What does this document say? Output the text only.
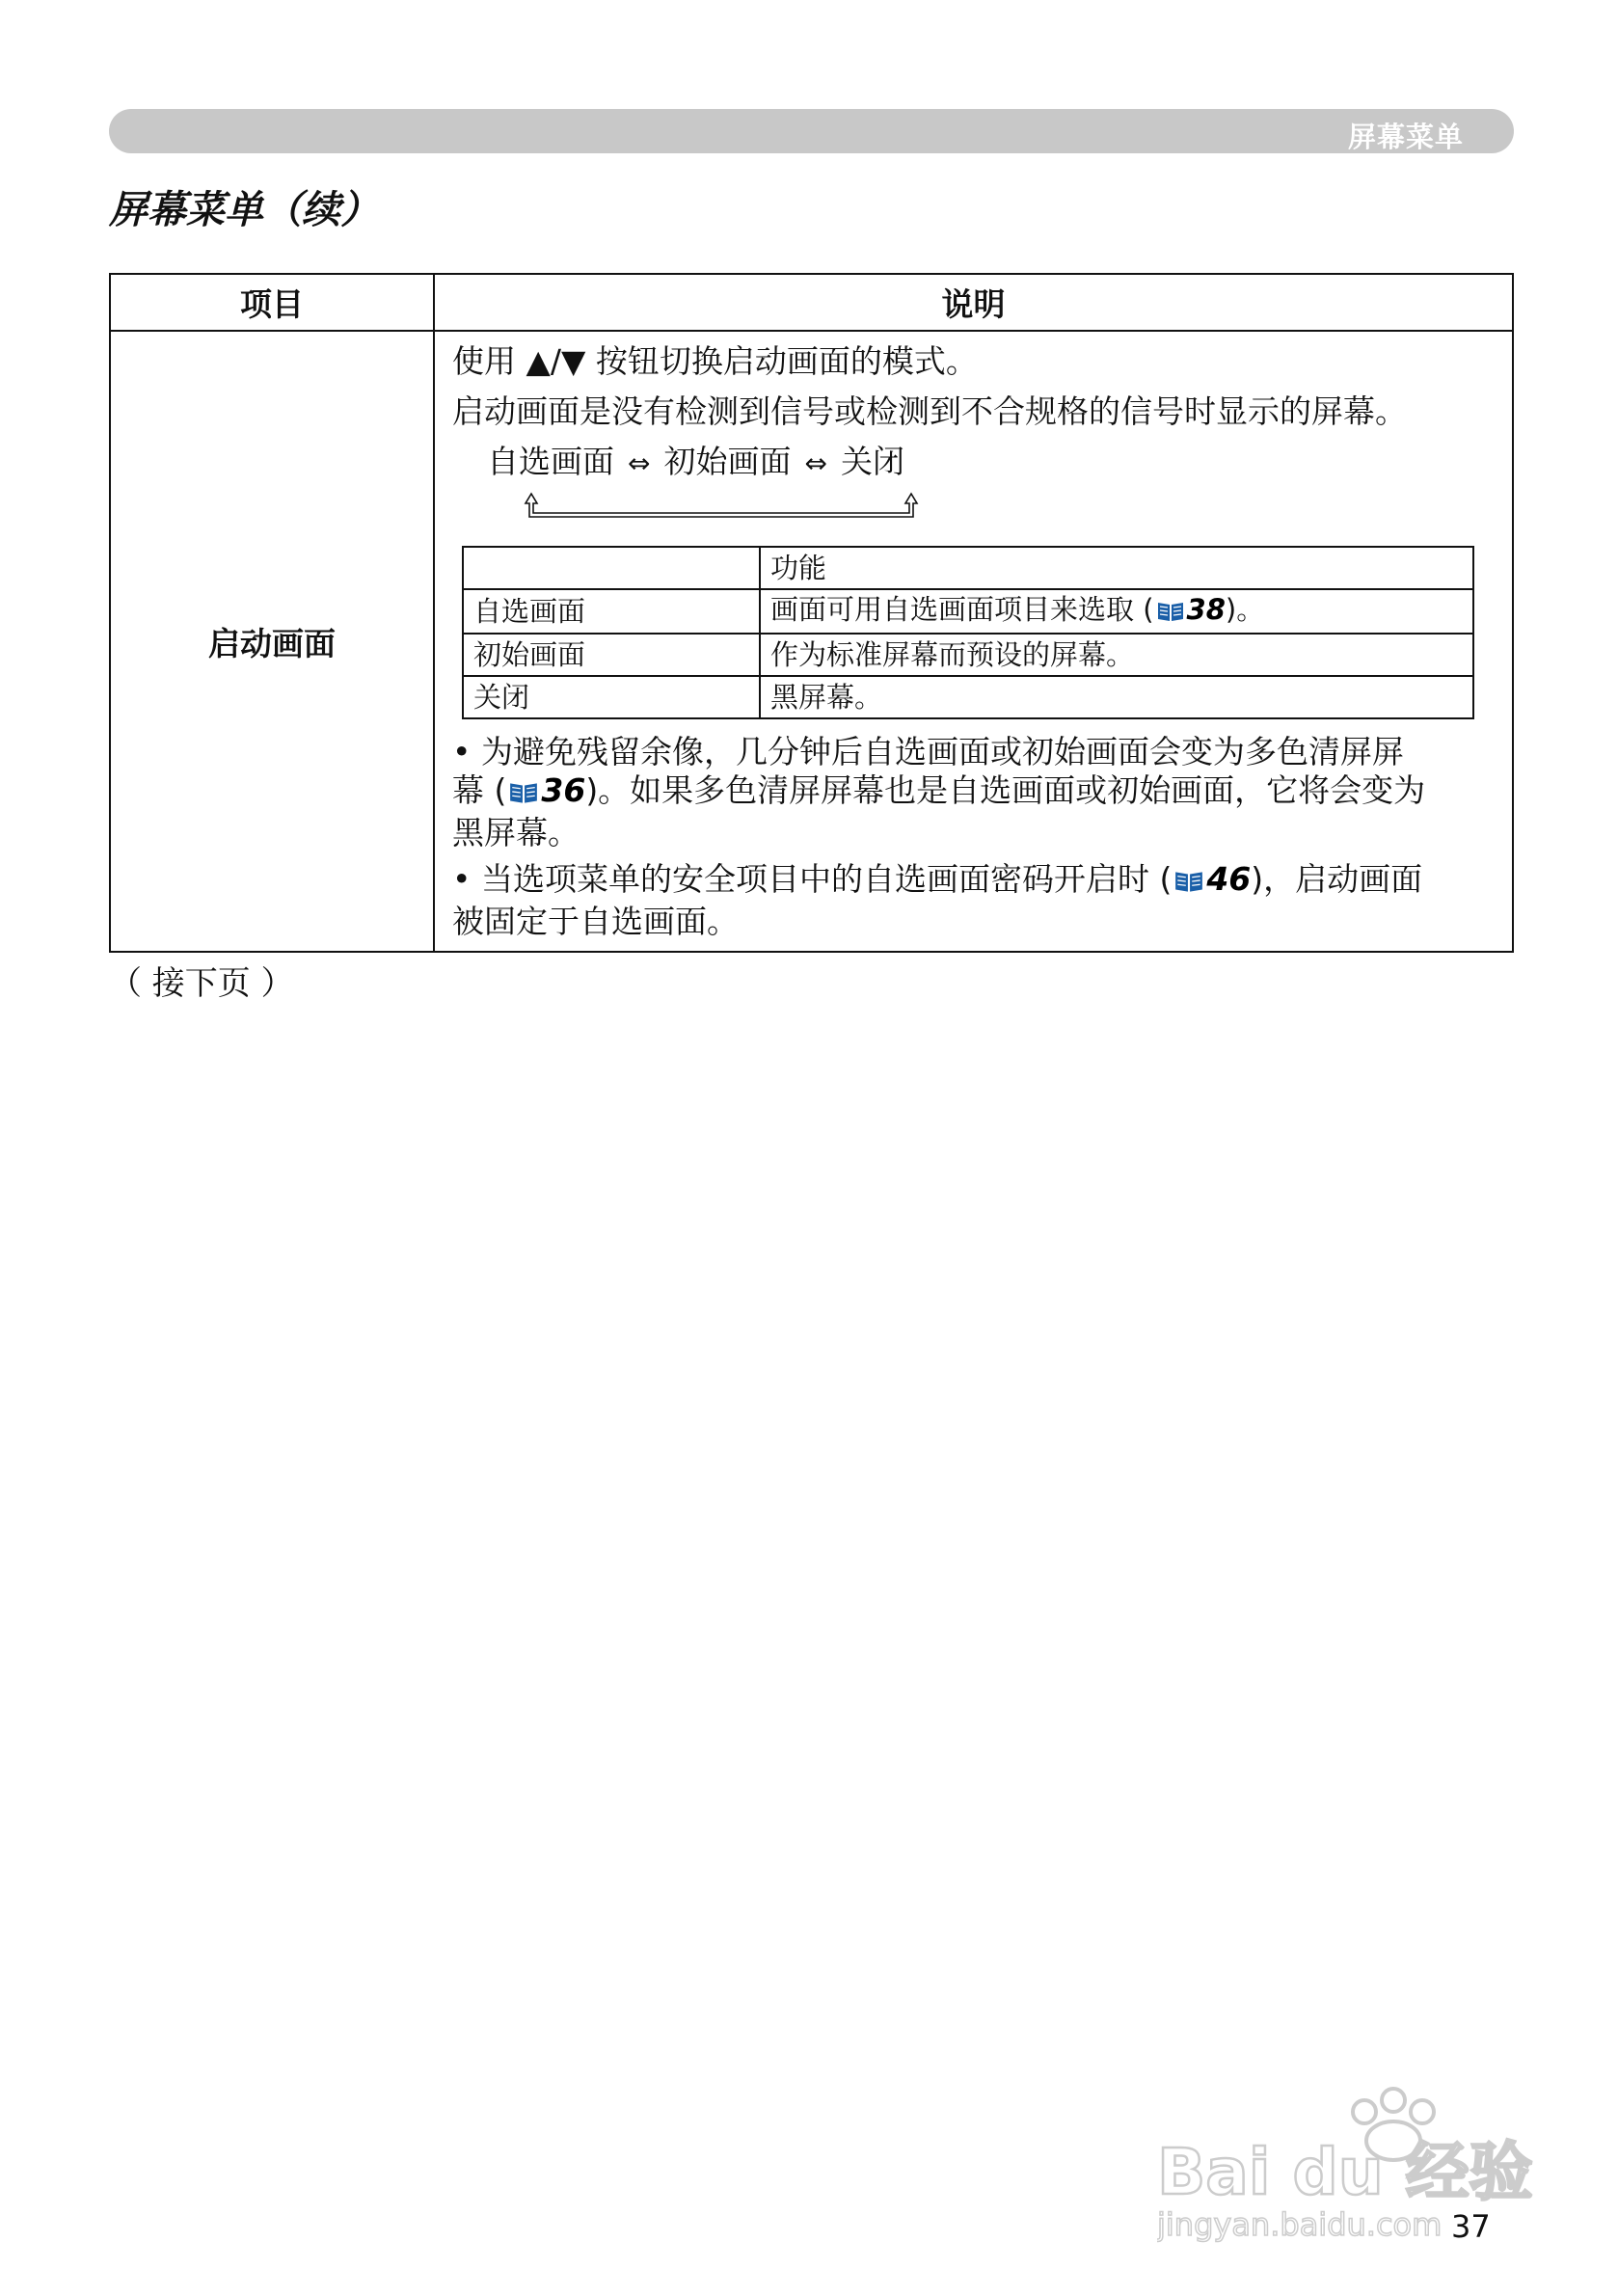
屏幕菜单
屏幕菜单（续）
项目	说明
启动画面	
使用 ▲/▼ 按钮切换启动画面的模式。
启动画面是没有检测到信号或检测到不合规格的信号时显示的屏幕。
自选画面 ⇔ 初始画面 ⇔ 关闭
	功能
自选画面	画面可用自选画面项目来选取 ( 38)。
初始画面	作为标准屏幕而预设的屏幕。
关闭	黑屏幕。
• 为避免残留余像，几分钟后自选画面或初始画面会变为多色清屏屏
幕 ( 36)。如果多色清屏屏幕也是自选画面或初始画面，它将会变为
黑屏幕。
• 当选项菜单的安全项目中的自选画面密码开启时 ( 46)，启动画面
被固定于自选画面。
（ 接下页 ）
Bai du 经验
jingyan.baidu.com 37
